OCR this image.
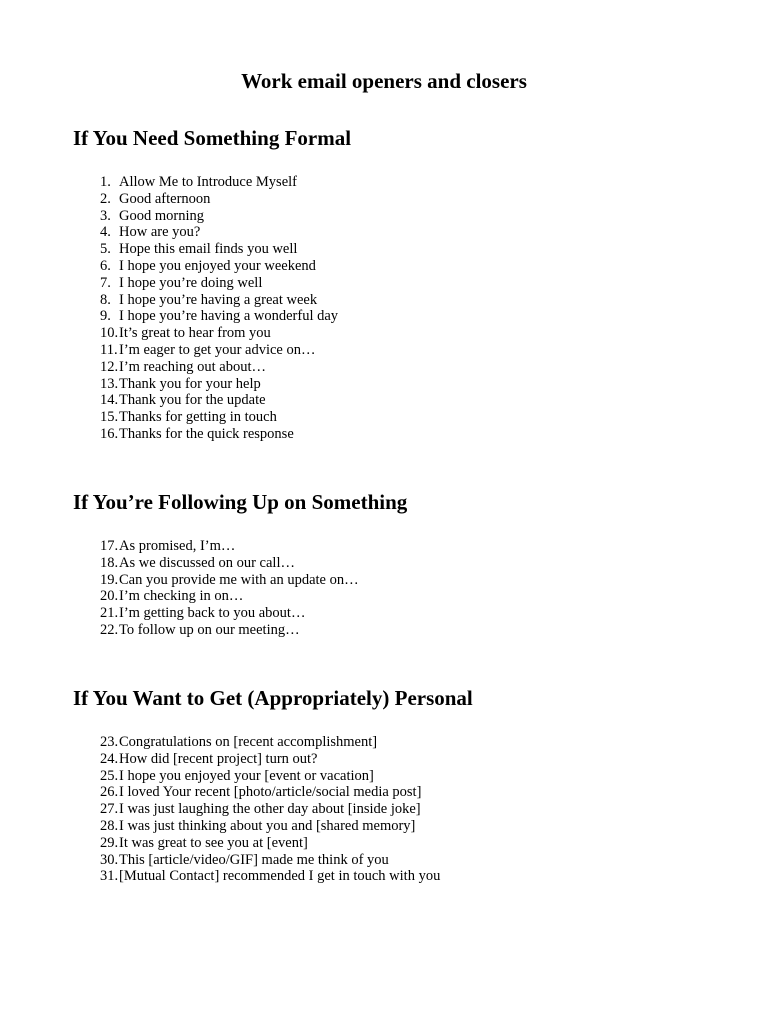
Work email openers and closers
If You Need Something Formal
1. Allow Me to Introduce Myself
2. Good afternoon
3. Good morning
4. How are you?
5. Hope this email finds you well
6. I hope you enjoyed your weekend
7. I hope you’re doing well
8. I hope you’re having a great week
9. I hope you’re having a wonderful day
10. It’s great to hear from you
11. I’m eager to get your advice on…
12. I’m reaching out about…
13. Thank you for your help
14. Thank you for the update
15. Thanks for getting in touch
16. Thanks for the quick response
If You’re Following Up on Something
17. As promised, I’m…
18. As we discussed on our call…
19. Can you provide me with an update on…
20. I’m checking in on…
21. I’m getting back to you about…
22. To follow up on our meeting…
If You Want to Get (Appropriately) Personal
23. Congratulations on [recent accomplishment]
24. How did [recent project] turn out?
25. I hope you enjoyed your [event or vacation]
26. I loved Your recent [photo/article/social media post]
27. I was just laughing the other day about [inside joke]
28. I was just thinking about you and [shared memory]
29. It was great to see you at [event]
30. This [article/video/GIF] made me think of you
31. [Mutual Contact] recommended I get in touch with you
